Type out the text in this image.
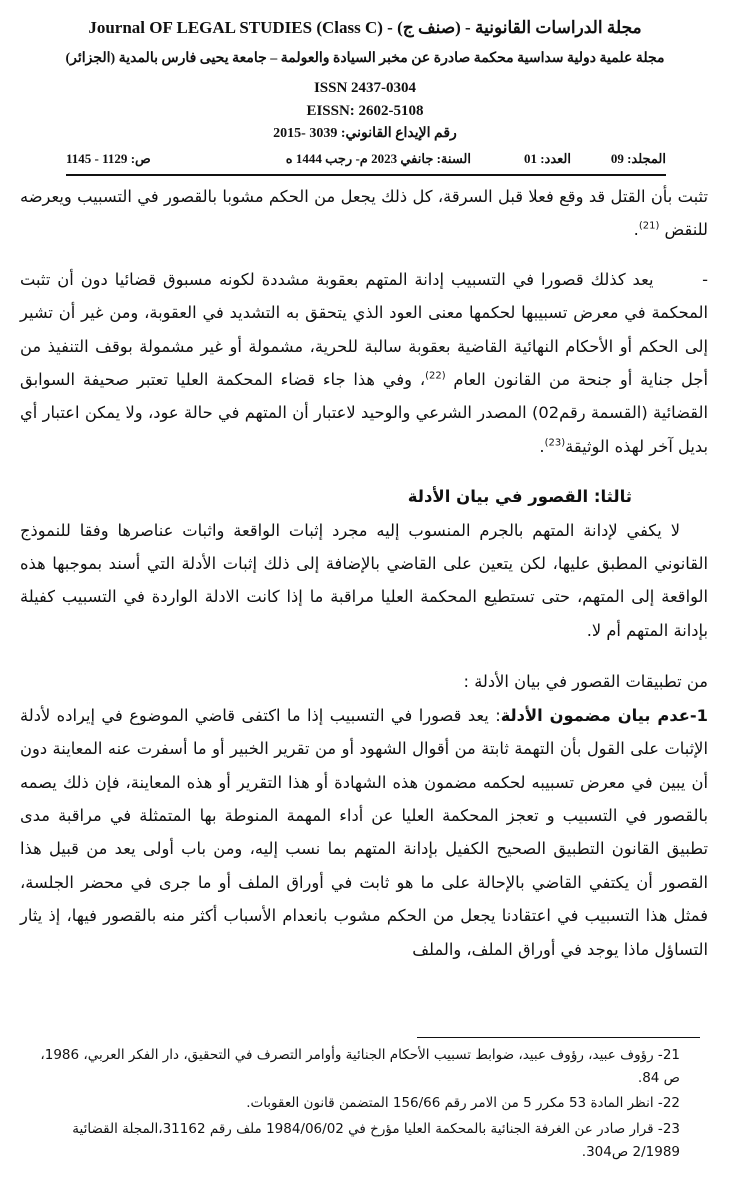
Journal OF LEGAL STUDIES (Class C) - (صنف ج) - مجلة الدراسات القانونية
مجلة علمية دولية سداسية محكمة صادرة عن مخبر السيادة والعولمة – جامعة يحيى فارس بالمدية (الجزائر)
ISSN 2437-0304
EISSN: 2602-5108
رقم الإيداع القانوني: 3039 -2015
المجلد: 09
العدد: 01
السنة: جانفي 2023 م- رجب 1444 ه
ص: 1129 - 1145

تثبت بأن القتل قد وقع فعلا قبل السرقة، كل ذلك يجعل من الحكم مشوبا بالقصور في التسبيب ويعرضه للنقض $^{(21)}$.

-       يعد كذلك قصورا في التسبيب إدانة المتهم بعقوبة مشددة لكونه مسبوق قضائيا دون أن تثبت المحكمة في معرض تسبيبها لحكمها معنى العود الذي يتحقق به التشديد في العقوبة، ومن غير أن تشير إلى الحكم أو الأحكام النهائية القاضية بعقوبة سالبة للحرية، مشمولة أو غير مشمولة بوقف التنفيذ من أجل جناية أو جنحة من القانون العام $^{(22)}$، وفي هذا جاء قضاء المحكمة العليا تعتبر صحيفة السوابق القضائية (القسمة رقم02) المصدر الشرعي والوحيد لاعتبار أن المتهم في حالة عود، ولا يمكن اعتبار أي بديل آخر لهذه الوثيقة$^{(23)}$.

ثالثا: القصور في بيان الأدلة

لا يكفي لإدانة المتهم بالجرم المنسوب إليه مجرد إثبات الواقعة واثبات عناصرها وفقا للنموذج القانوني المطبق عليها، لكن يتعين على القاضي بالإضافة إلى ذلك إثبات الأدلة التي أسند بموجبها هذه الواقعة إلى المتهم، حتى تستطيع المحكمة العليا مراقبة ما إذا كانت الادلة الواردة في التسبيب كفيلة بإدانة المتهم أم لا.

من تطبيقات القصور في بيان الأدلة :

1-عدم بيان مضمون الأدلة: يعد قصورا في التسبيب إذا ما اكتفى قاضي الموضوع في إيراده لأدلة الإثبات على القول بأن التهمة ثابتة من أقوال الشهود أو من تقرير الخبير أو ما أسفرت عنه المعاينة دون أن يبين في معرض تسبيبه لحكمه مضمون هذه الشهادة أو هذا التقرير أو هذه المعاينة، فإن ذلك يصمه بالقصور في التسبيب و تعجز المحكمة العليا عن أداء المهمة المنوطة بها المتمثلة في مراقبة مدى تطبيق القانون التطبيق الصحيح الكفيل بإدانة المتهم بما نسب إليه، ومن باب أولى يعد من قبيل هذا القصور أن يكتفي القاضي بالإحالة على ما هو ثابت في أوراق الملف أو ما جرى في محضر الجلسة، فمثل هذا التسبيب في اعتقادنا يجعل من الحكم مشوب بانعدام الأسباب أكثر منه بالقصور فيها، إذ يثار التساؤل ماذا يوجد في أوراق الملف، والملف

21- رؤوف عبيد، رؤوف عبيد، ضوابط تسبيب الأحكام الجنائية وأوامر التصرف في التحقيق، دار الفكر العربي، 1986، ص 84.

22- انظر المادة 53 مكرر 5 من الامر رقم 156/66 المتضمن قانون العقوبات.

23- قرار صادر عن الغرفة الجنائية بالمحكمة العليا مؤرخ في 1984/06/02 ملف رقم 31162،المجلة القضائية 2/1989 ص304.
